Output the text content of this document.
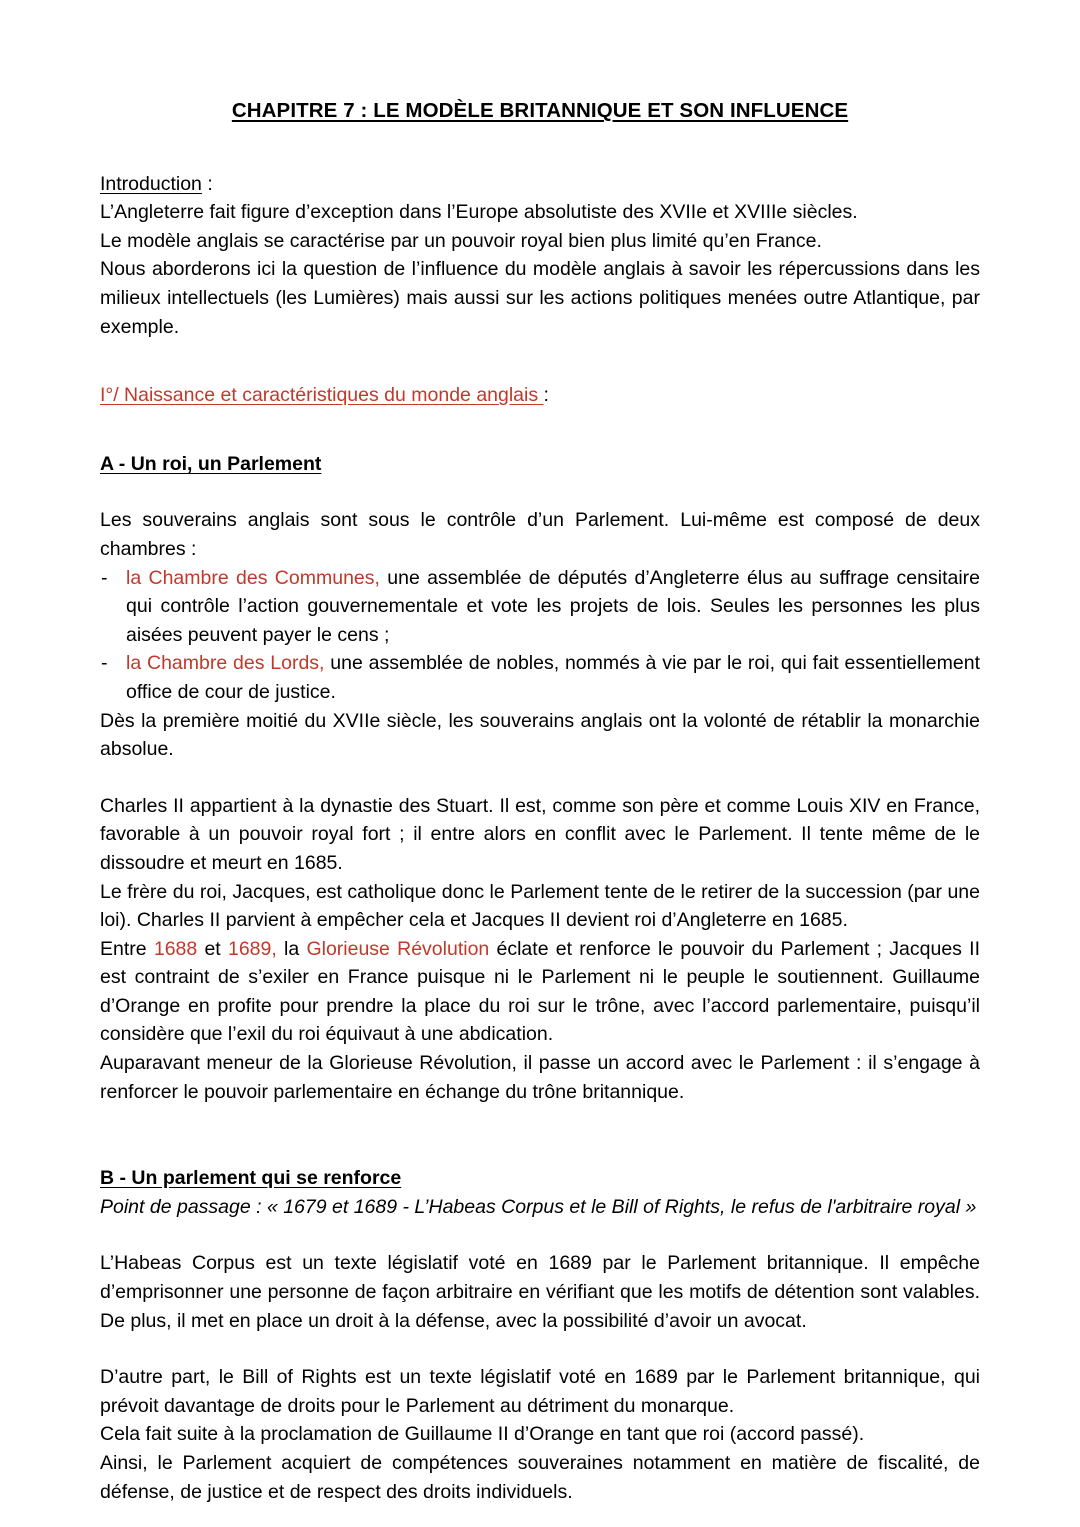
CHAPITRE 7 : LE MODÈLE BRITANNIQUE ET SON INFLUENCE

Introduction :

L’Angleterre fait figure d’exception dans l’Europe absolutiste des XVIIe et XVIIIe siècles.

Le modèle anglais se caractérise par un pouvoir royal bien plus limité qu’en France.

Nous aborderons ici la question de l’influence du modèle anglais à savoir les répercussions dans les milieux intellectuels (les Lumières) mais aussi sur les actions politiques menées outre Atlantique, par exemple.

I°/ Naissance et caractéristiques du monde anglais :

A - Un roi, un Parlement

Les souverains anglais sont sous le contrôle d’un Parlement. Lui-même est composé de deux chambres :

- la Chambre des Communes, une assemblée de députés d’Angleterre élus au suffrage censitaire qui contrôle l’action gouvernementale et vote les projets de lois. Seules les personnes les plus aisées peuvent payer le cens ;
- la Chambre des Lords, une assemblée de nobles, nommés à vie par le roi, qui fait essentiellement office de cour de justice.

Dès la première moitié du XVIIe siècle, les souverains anglais ont la volonté de rétablir la monarchie absolue.

Charles II appartient à la dynastie des Stuart. Il est, comme son père et comme Louis XIV en France, favorable à un pouvoir royal fort ; il entre alors en conflit avec le Parlement. Il tente même de le dissoudre et meurt en 1685.

Le frère du roi, Jacques, est catholique donc le Parlement tente de le retirer de la succession (par une loi). Charles II parvient à empêcher cela et Jacques II devient roi d’Angleterre en 1685.

Entre 1688 et 1689, la Glorieuse Révolution éclate et renforce le pouvoir du Parlement ; Jacques II est contraint de s’exiler en France puisque ni le Parlement ni le peuple le soutiennent. Guillaume d’Orange en profite pour prendre la place du roi sur le trône, avec l’accord parlementaire, puisqu’il considère que l’exil du roi équivaut à une abdication.

Auparavant meneur de la Glorieuse Révolution, il passe un accord avec le Parlement : il s’engage à renforcer le pouvoir parlementaire en échange du trône britannique.

B - Un parlement qui se renforce

Point de passage : « 1679 et 1689 - L’Habeas Corpus et le Bill of Rights, le refus de l'arbitraire royal »

L’Habeas Corpus est un texte législatif voté en 1689 par le Parlement britannique. Il empêche d’emprisonner une personne de façon arbitraire en vérifiant que les motifs de détention sont valables. De plus, il met en place un droit à la défense, avec la possibilité d’avoir un avocat.

D’autre part, le Bill of Rights est un texte législatif voté en 1689 par le Parlement britannique, qui prévoit davantage de droits pour le Parlement au détriment du monarque.

Cela fait suite à la proclamation de Guillaume II d’Orange en tant que roi (accord passé).

Ainsi, le Parlement acquiert de compétences souveraines notamment en matière de fiscalité, de défense, de justice et de respect des droits individuels.
